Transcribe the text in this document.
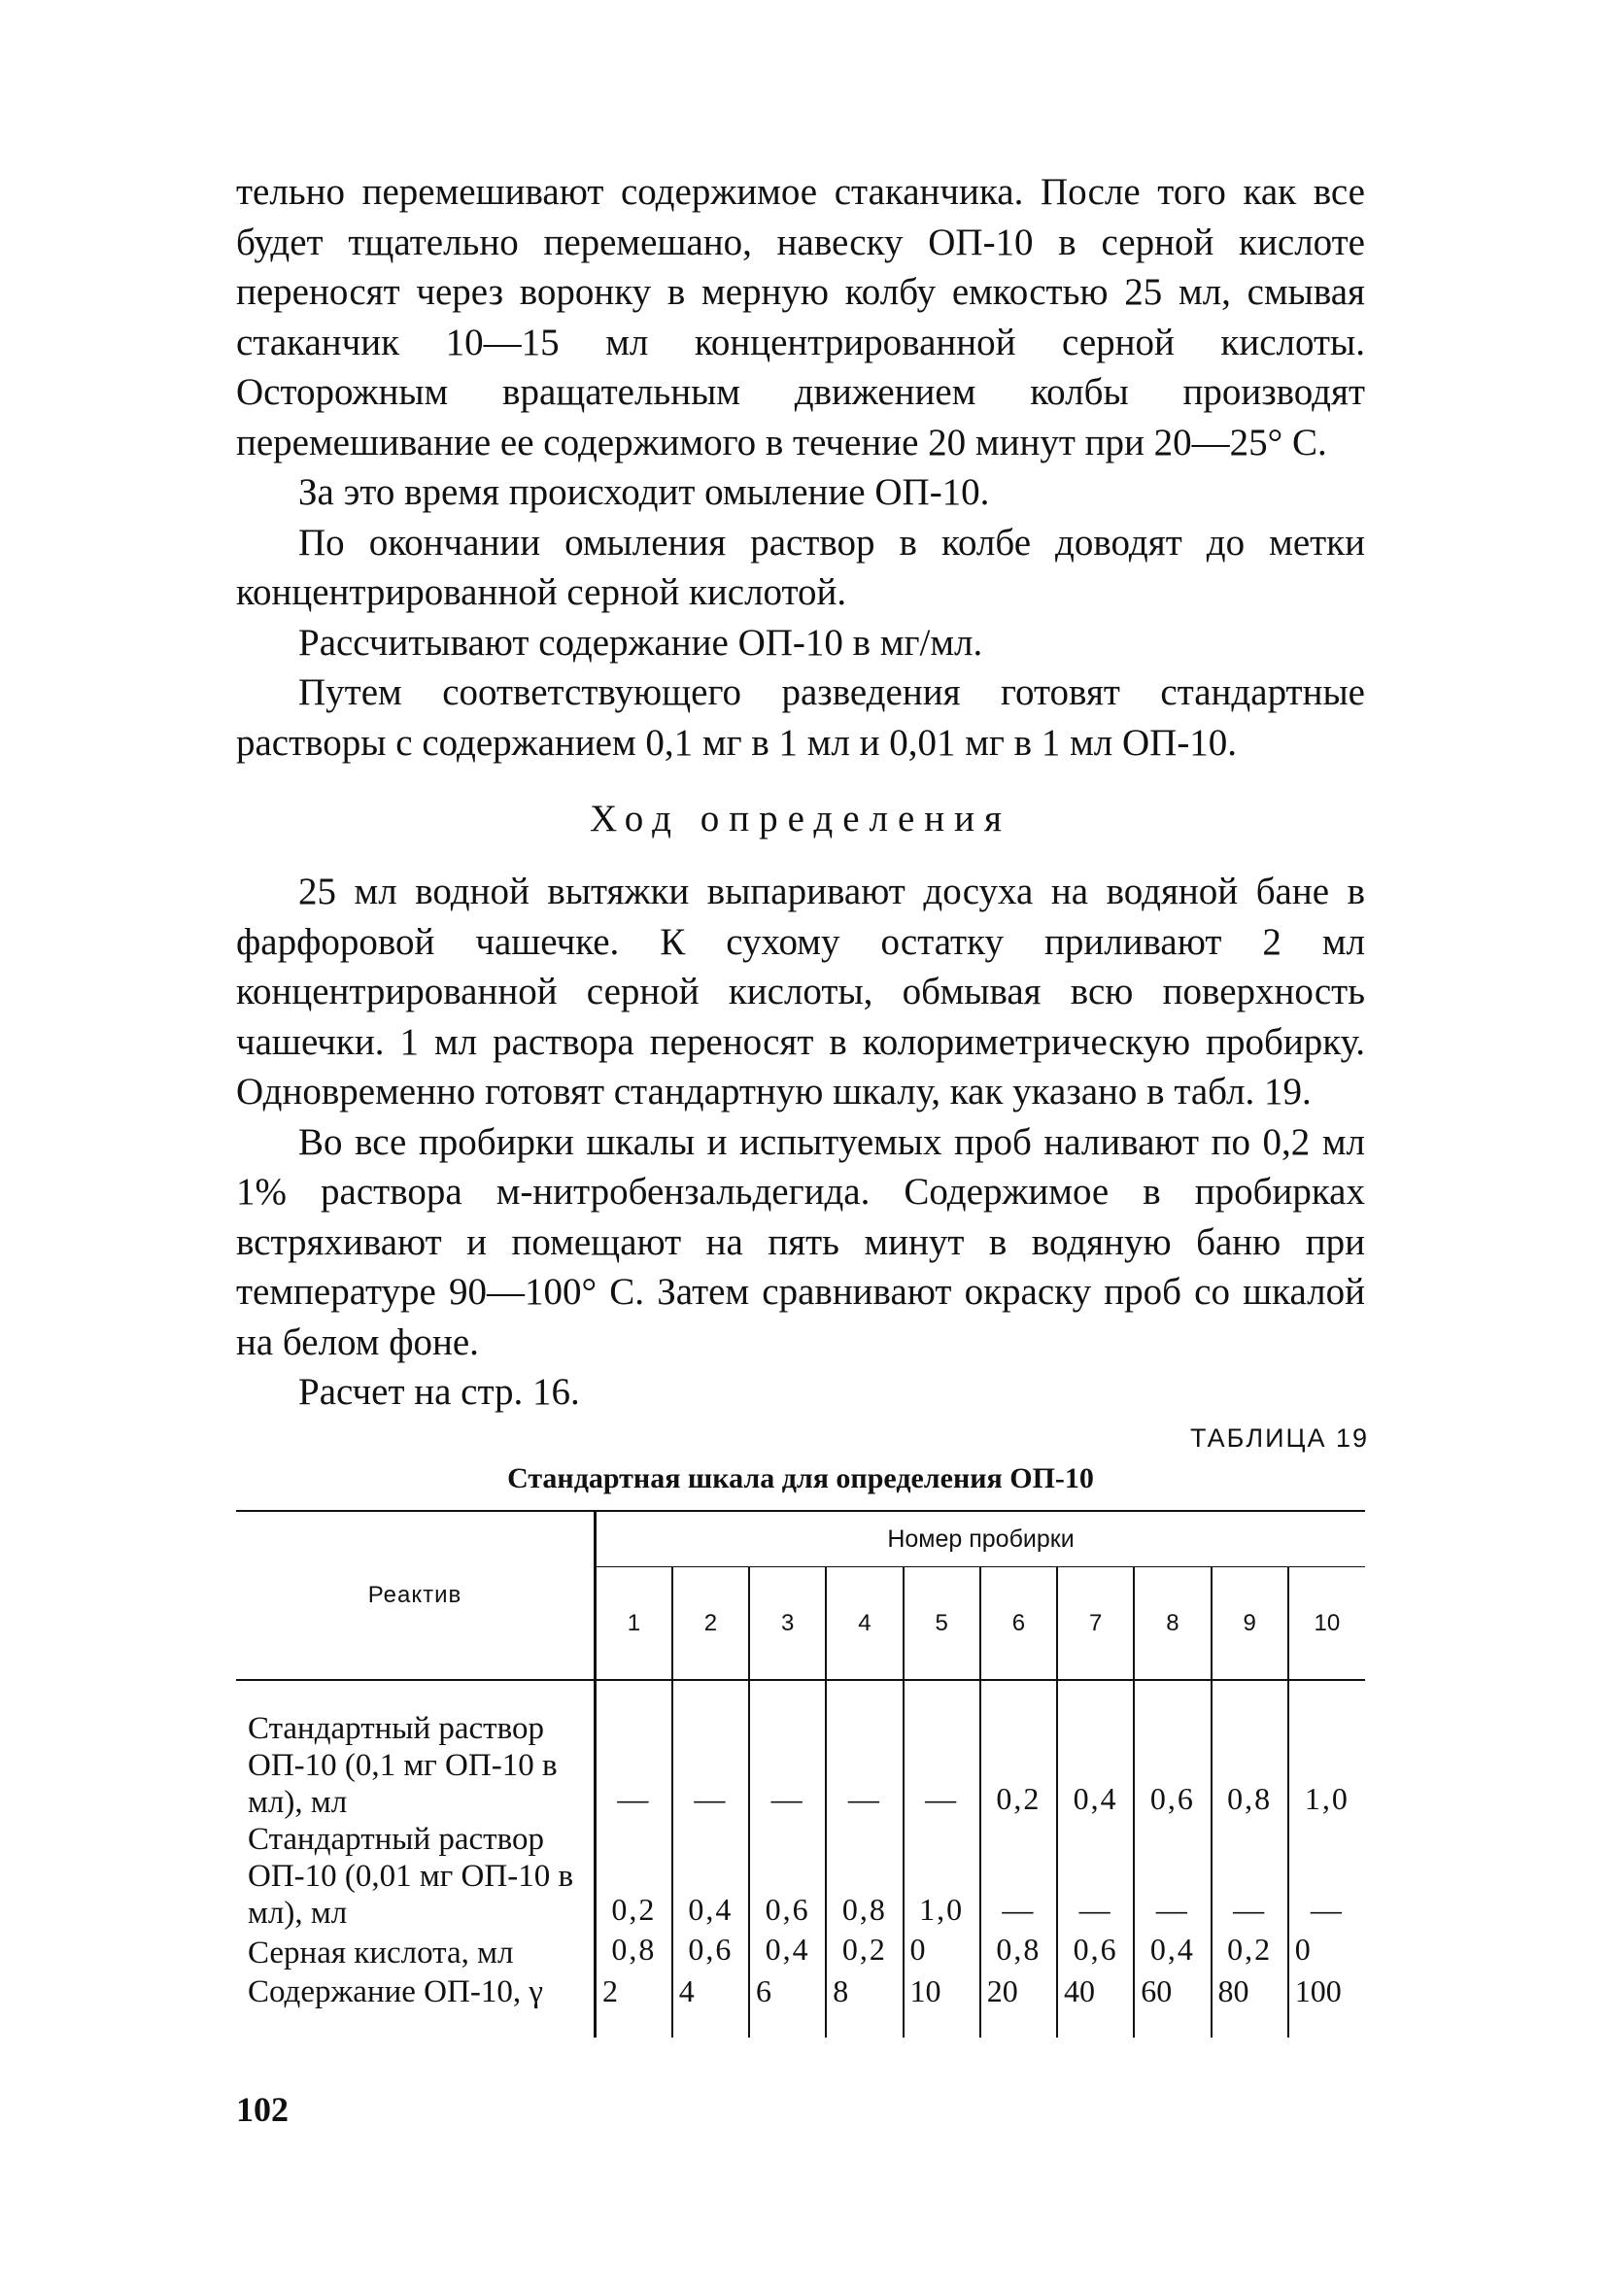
тельно перемешивают содержимое стаканчика. После того как все будет тщательно перемешано, навеску ОП-10 в серной кислоте переносят через воронку в мерную колбу емкостью 25 мл, смывая стаканчик 10—15 мл концентрированной серной кислоты. Осторожным вращательным движением колбы производят перемешивание ее содержимого в течение 20 минут при 20—25° С.

За это время происходит омыление ОП-10.

По окончании омыления раствор в колбе доводят до метки концентрированной серной кислотой.

Рассчитывают содержание ОП-10 в мг/мл.

Путем соответствующего разведения готовят стандартные растворы с содержанием 0,1 мг в 1 мл и 0,01 мг в 1 мл ОП-10.

Ход определения

25 мл водной вытяжки выпаривают досуха на водяной бане в фарфоровой чашечке. К сухому остатку приливают 2 мл концентрированной серной кислоты, обмывая всю поверхность чашечки. 1 мл раствора переносят в колориметрическую пробирку. Одновременно готовят стандартную шкалу, как указано в табл. 19.

Во все пробирки шкалы и испытуемых проб наливают по 0,2 мл 1% раствора м-нитробензальдегида. Содержимое в пробирках встряхивают и помещают на пять минут в водяную баню при температуре 90—100° С. Затем сравнивают окраску проб со шкалой на белом фоне.

Расчет на стр. 16.

ТАБЛИЦА 19
Стандартная шкала для определения ОП-10
Реактив	Номер пробирки									
	1	2	3	4	5	6	7	8	9	10

Стандартный раствор ОП-10 (0,1 мг ОП-10 в мл), мл	—	—	—	—	—	0,2	0,4	0,6	0,8	1,0
Стандартный раствор ОП-10 (0,01 мг ОП-10 в мл), мл	0,2	0,4	0,6	0,8	1,0	—	—	—	—	—
Серная кислота, мл	0,8	0,6	0,4	0,2	0	0,8	0,6	0,4	0,2	0
Содержание ОП-10, γ	2	4	6	8	10	20	40	60	80	100
102
